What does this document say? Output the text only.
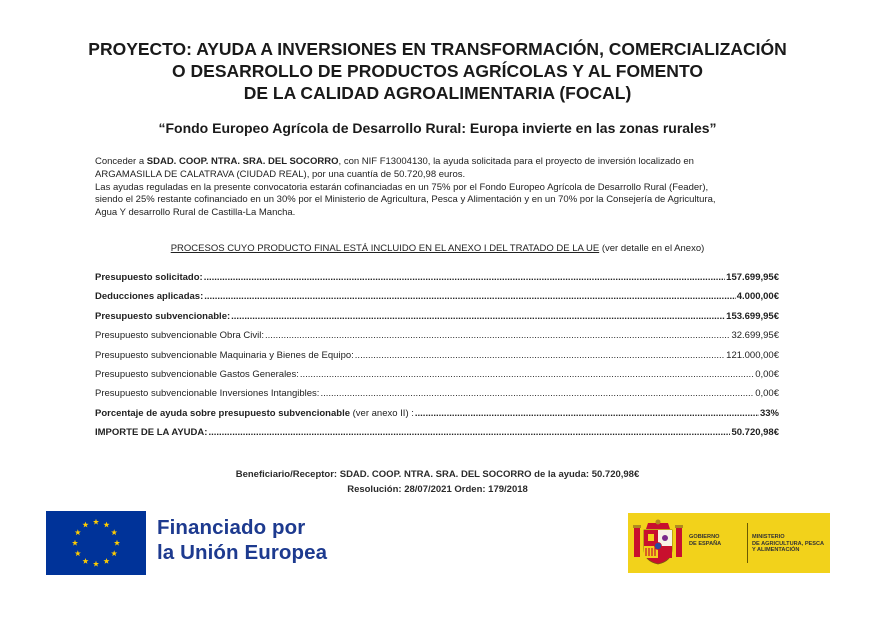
PROYECTO: AYUDA A INVERSIONES EN TRANSFORMACIÓN, COMERCIALIZACIÓN
O DESARROLLO DE PRODUCTOS AGRÍCOLAS Y AL FOMENTO
DE LA CALIDAD AGROALIMENTARIA (FOCAL)
“Fondo Europeo Agrícola de Desarrollo Rural: Europa invierte en las zonas rurales”
Conceder a SDAD. COOP. NTRA. SRA. DEL SOCORRO, con NIF F13004130, la ayuda solicitada para el proyecto de inversión localizado en
ARGAMASILLA DE CALATRAVA (CIUDAD REAL), por una cuantía de 50.720,98 euros.
Las ayudas reguladas en la presente convocatoria estarán cofinanciadas en un 75% por el Fondo Europeo Agrícola de Desarrollo Rural (Feader),
siendo el 25% restante cofinanciado en un 30% por el Ministerio de Agricultura, Pesca y Alimentación y en un 70% por la Consejería de Agricultura,
Agua Y desarrollo Rural de Castilla-La Mancha.
PROCESOS CUYO PRODUCTO FINAL ESTÁ INCLUIDO EN EL ANEXO I DEL TRATADO DE LA UE (ver detalle en el Anexo)
Presupuesto solicitado: .....	157.699,95€
Deducciones aplicadas: .....	4.000,00€
Presupuesto subvencionable: .....	153.699,95€
Presupuesto subvencionable Obra Civil: .....	32.699,95€
Presupuesto subvencionable Maquinaria y Bienes de Equipo: .....	121.000,00€
Presupuesto subvencionable Gastos Generales: .....	0,00€
Presupuesto subvencionable Inversiones Intangibles: .....	0,00€
Porcentaje de ayuda sobre presupuesto subvencionable (ver anexo II) : .....	33%
IMPORTE DE LA AYUDA: .....	50.720,98€
Beneficiario/Receptor: SDAD. COOP. NTRA. SRA. DEL SOCORRO de la ayuda: 50.720,98€
Resolución: 28/07/2021 Orden: 179/2018
Financiado por
la Unión Europea
GOBIERNO
DE ESPAÑA
MINISTERIO
DE AGRICULTURA, PESCA
Y ALIMENTACIÓN
